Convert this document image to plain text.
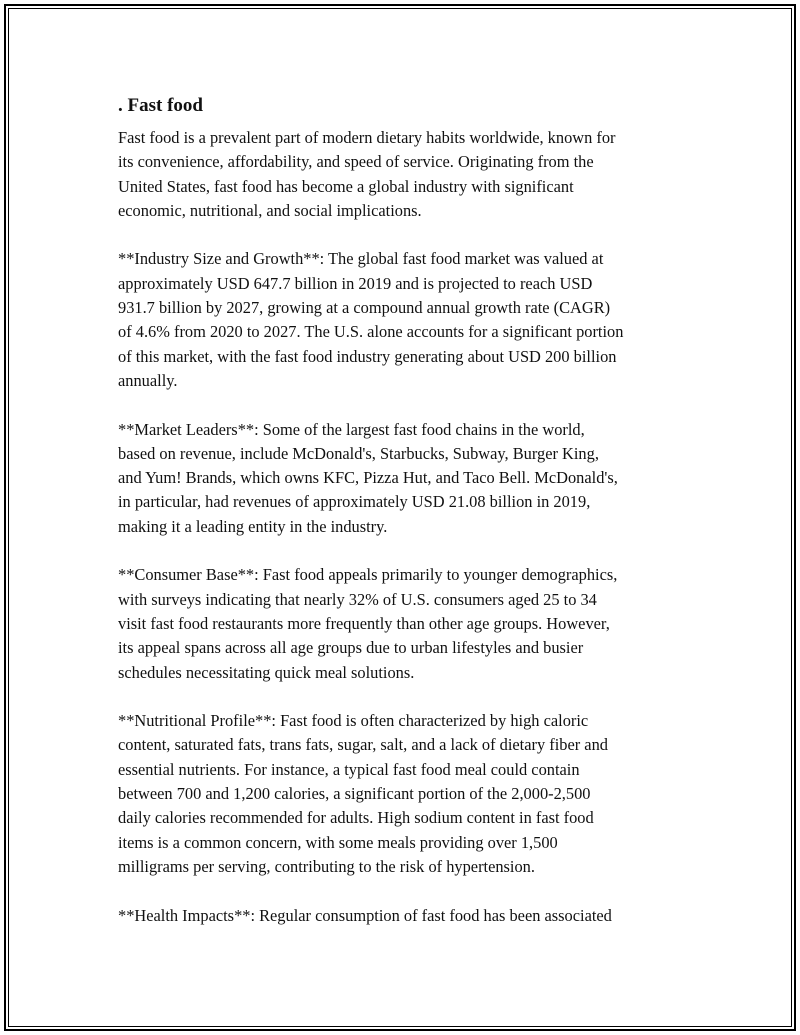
. Fast food
Fast food is a prevalent part of modern dietary habits worldwide, known for
its convenience, affordability, and speed of service. Originating from the
United States, fast food has become a global industry with significant
economic, nutritional, and social implications.
**Industry Size and Growth**: The global fast food market was valued at
approximately USD 647.7 billion in 2019 and is projected to reach USD
931.7 billion by 2027, growing at a compound annual growth rate (CAGR)
of 4.6% from 2020 to 2027. The U.S. alone accounts for a significant portion
of this market, with the fast food industry generating about USD 200 billion
annually.
**Market Leaders**: Some of the largest fast food chains in the world,
based on revenue, include McDonald's, Starbucks, Subway, Burger King,
and Yum! Brands, which owns KFC, Pizza Hut, and Taco Bell. McDonald's,
in particular, had revenues of approximately USD 21.08 billion in 2019,
making it a leading entity in the industry.
**Consumer Base**: Fast food appeals primarily to younger demographics,
with surveys indicating that nearly 32% of U.S. consumers aged 25 to 34
visit fast food restaurants more frequently than other age groups. However,
its appeal spans across all age groups due to urban lifestyles and busier
schedules necessitating quick meal solutions.
**Nutritional Profile**: Fast food is often characterized by high caloric
content, saturated fats, trans fats, sugar, salt, and a lack of dietary fiber and
essential nutrients. For instance, a typical fast food meal could contain
between 700 and 1,200 calories, a significant portion of the 2,000-2,500
daily calories recommended for adults. High sodium content in fast food
items is a common concern, with some meals providing over 1,500
milligrams per serving, contributing to the risk of hypertension.
**Health Impacts**: Regular consumption of fast food has been associated
